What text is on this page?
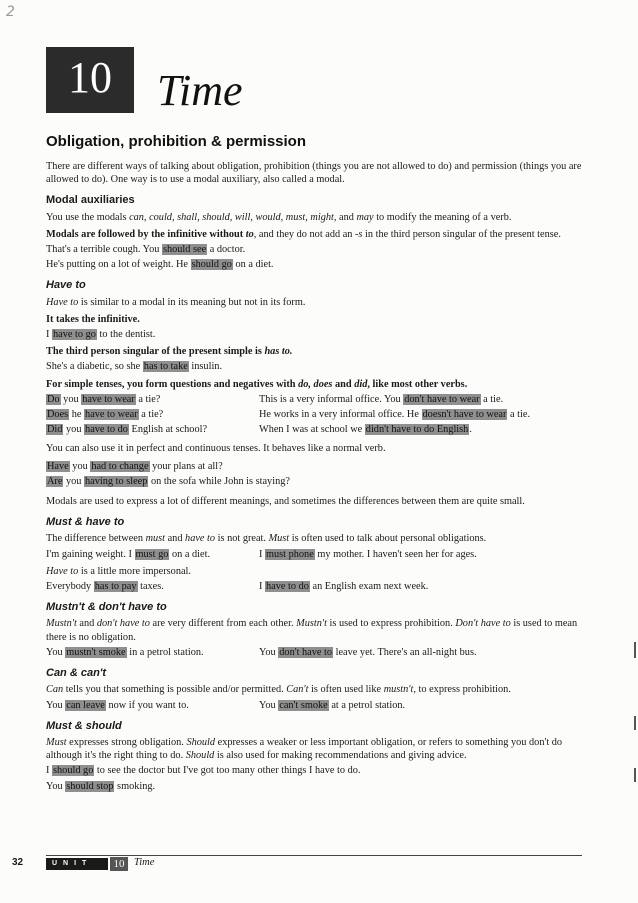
2
10	Time
Obligation, prohibition & permission

There are different ways of talking about obligation, prohibition (things you are not allowed to do) and permission (things you are allowed to do). One way is to use a modal auxiliary, also called a modal.

Modal auxiliaries

You use the modals can, could, shall, should, will, would, must, might, and may to modify the meaning of a verb.

Modals are followed by the infinitive without to, and they do not add an -s in the third person singular of the present tense.

That's a terrible cough. You should see a doctor.

He's putting on a lot of weight. He should go on a diet.

Have to

Have to is similar to a modal in its meaning but not in its form.

It takes the infinitive.

I have to go to the dentist.

The third person singular of the present simple is has to.

She's a diabetic, so she has to take insulin.

For simple tenses, you form questions and negatives with do, does and did, like most other verbs.

Do you have to wear a tie?	This is a very informal office. You don't have to wear a tie.
Does he have to wear a tie?	He works in a very informal office. He doesn't have to wear a tie.
Did you have to do English at school?	When I was at school we didn't have to do English.

You can also use it in perfect and continuous tenses. It behaves like a normal verb.

Have you had to change your plans at all?

Are you having to sleep on the sofa while John is staying?

Modals are used to express a lot of different meanings, and sometimes the differences between them are quite small.

Must & have to

The difference between must and have to is not great. Must is often used to talk about personal obligations.

I'm gaining weight. I must go on a diet.	I must phone my mother. I haven't seen her for ages.

Have to is a little more impersonal.

Everybody has to pay taxes.	I have to do an English exam next week.
Mustn't & don't have to

Mustn't and don't have to are very different from each other. Mustn't is used to express prohibition. Don't have to is used to mean there is no obligation.

You mustn't smoke in a petrol station.	You don't have to leave yet. There's an all-night bus.
Can & can't

Can tells you that something is possible and/or permitted. Can't is often used like mustn't, to express prohibition.

You can leave now if you want to.	You can't smoke at a petrol station.
Must & should

Must expresses strong obligation. Should expresses a weaker or less important obligation, or refers to something you don't do although it's the right thing to do. Should is also used for making recommendations and giving advice.

I should go to see the doctor but I've got too many other things I have to do.

You should stop smoking.

32	UNIT	10 Time
